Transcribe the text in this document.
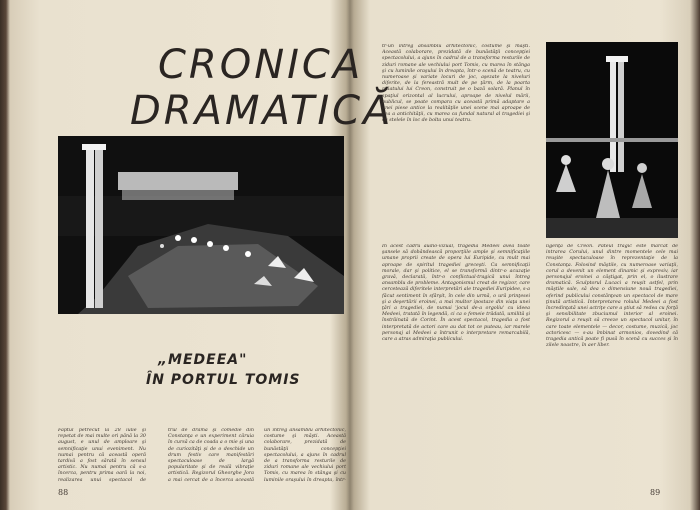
CRONICA
DRAMATICĂ
„MEDEEA"
ÎN PORTUL TOMIS
Faptul petrecut la 28 iulie şi repetat de mai multe ori până la 30 august, e unul de amploare şi semnificaţie unui eveniment. Nu numai pentru că această operă tardivă a fost sărată în sensul artistic. Nu numai pentru că s-a încerca, pentru prima oară la noi, realizarea unui spectacol de
trul de dramă şi comedie din Constanţa e un experiment căruia în cursă ca de coada a o mie şi una de curiozităţi şi de o deschide un drum festiv care manifestări spectaculoase de largă popularitate şi de reală vibraţie artistică. Regizorul Gheorghe Jora a mai cercat de a încerca această
un întreg ansamblu arhitectonic, costume şi măşti. Această colaborare, prezidată de bunăstăţii concepţiei spectacolului, a ajuns în cadrul de a transforma resturile de ziduri romane ale vechiului port Tomis, cu marea în stânga şi cu luminile oraşului în dreapta, într-
88
tr-un întreg ansamblu arhitectonic, costume şi măşti. Această colaborare, prezidată de bunăstăţii concepţiei spectacolului, a ajuns în cadrul de a transforma resturile de ziduri romane ale vechiului port Tomis, cu marea în stânga şi cu luminile oraşului în dreapta, într-o scenă de teatru, cu numeroase şi variate locuri de joc, aşezate la niveluri diferite, de la fereastră mult de pe ţărm, de la poarta palatului lui Creon, construit pe o bază solară. Planul în spaţiul orizontal al lucrului, aproape de nivelul mării, publicul, se poate compara cu această primă adaptare a unei piese antice la realităţile unei scene mai aproape de cea a antichităţii, cu marea ca fundal natural al tragediei şi cu stelele în loc de bolta unui teatru.
În acest cadru audio-vizual, tragedia Medeei avea toate şansele să dobândească proporţiile ample şi semnificaţiile umane proprii create de opera lui Euripide, cu mult mai aproape de spiritul tragediei greceşti. Ca semnificaţii morale, dar şi politice, el se transformă dintr-o acuzaţie gravă, declarată, într-o conflictual-tragică unui întreg ansamblu de probleme. Antagonismul creat de regizor, care cercetează diferitele interpretări ale tragediei Euripidee, s-a făcut sentiment în sfârşit, în cele din urmă, o ură prinţesei şi a deşertării eroinei, a mai multor ipostaze din viaţa unei ţări a tragediei, de numai 'jocul de-a orgoliu' cu ideea Medeei, tratată în legendă, ci ca o femeie trădată, umilită şi înstrăinată de Corint. În acest spectacol, tragedia a fost interpretată de actori care au dat tot ce puteau, iar marele personaj al Medeei a întrunit o interpretare remarcabilă, care a atras admiraţia publicului.
ligenţă de Creon. Pateul tragic este marcat de intrarea Corului, unul dintre momentele cele mai reuşite spectaculoase în reprezentaţie de la Constanţa. Folosind măştile, cu numeroase variaţii, corul a devenit un element dinamic şi expresiv, iar personajul eroinei a câştigat, prin el, o ilustrare dramatică. Sculptorul Lucaci a reuşit astfel, prin măştile sale, să dea o dimensiune nouă tragediei, oferind publicului constănţean un spectacol de mare ţinută artistică. Interpretarea rolului Medeei a fost încredinţată unei actriţe care a ştiut să redea cu forţă şi sensibilitate zbuciumul interior al eroinei. Regizorul a reuşit să creeze un spectacol unitar, în care toate elementele — decor, costume, muzică, joc actoricesc — s-au îmbinat armonios, dovedind că tragedia antică poate fi pusă în scenă cu succes şi în zilele noastre, în aer liber.
89
